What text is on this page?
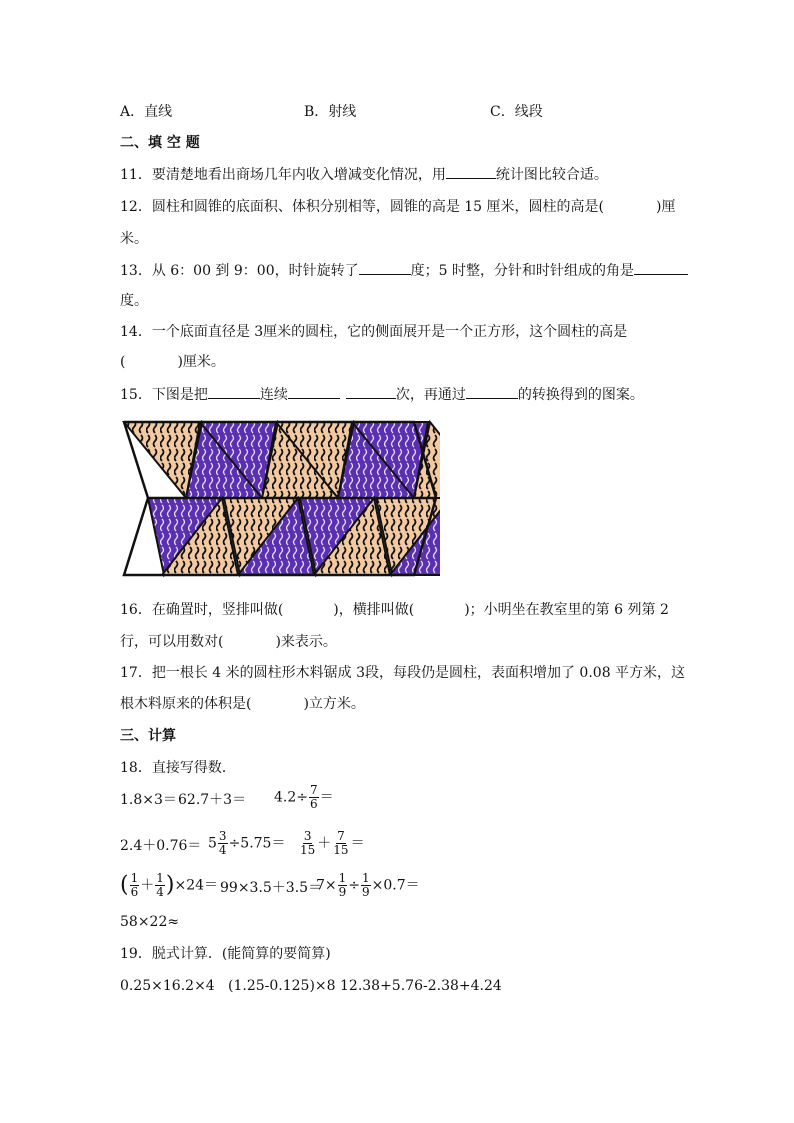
A．直线	B．射线	C．线段
二、填 空 题
11．要清楚地看出商场几年内收入增减变化情况，用	统计图比较合适。
12．圆柱和圆锥的底面积、体积分别相等，圆锥的高是 15 厘米，圆柱的高是(	)厘
米。
13．从 6：00 到 9：00，时针旋转了	度；5 时整，分针和时针组成的角是
度。
14．一个底面直径是 3厘米的圆柱，它的侧面展开是一个正方形，这个圆柱的高是
(	)厘米。
15．下图是把	连续	次，再通过	的转换得到的图案。
16．在确置时，竖排叫做(	)，横排叫做(	)；小明坐在教室里的第 6 列第 2
行，可以用数对(	)来表示。
17．把一根长 4 米的圆柱形木料锯成 3段，每段仍是圆柱，表面积增加了 0.08 平方米，这
根木料原来的体积是(	)立方米。
三、计算
18．直接写得数．
$1.8\times 3= 62.7+3= 4.2\div \frac{7}{6}$ ＝
$2.4+0.76= 5 \frac{3}{4} \div 5.75= \frac{3}{15} + \frac{7}{15}$ ＝
( $\frac{1}{6} + \frac{1}{4} )\times 24= 99\times 3.5+3.5=$
$7\times \frac{1}{9} \div \frac{1}{9} \times 0.7=$
58×22≈
19．脱式计算．(能简算的要简算)
0.25×16.2×4 (1.25-0.125)×8 12.38+5.76-2.38+4.24
